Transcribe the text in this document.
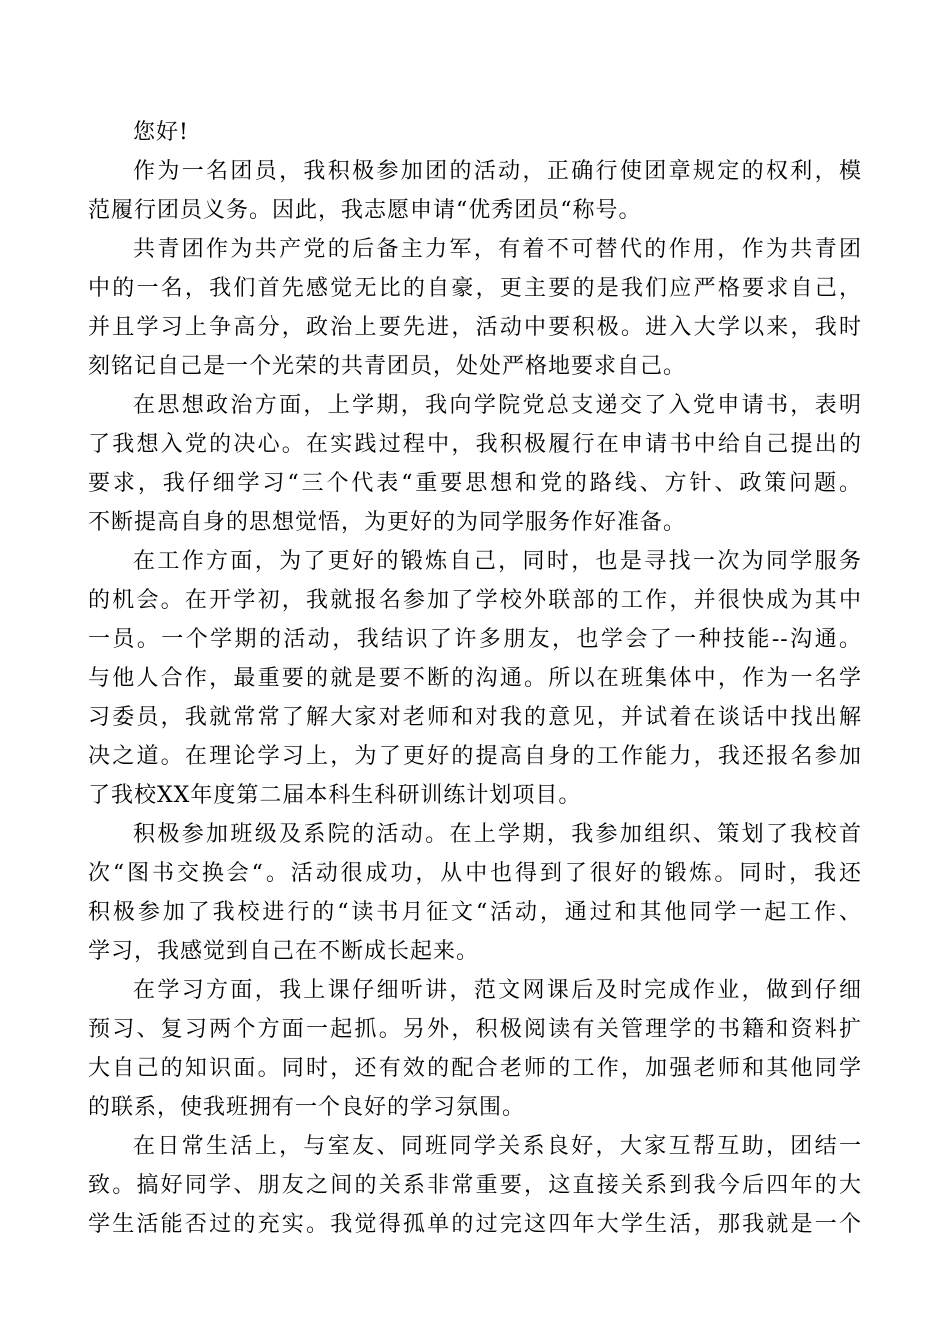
您好!

作为一名团员，我积极参加团的活动，正确行使团章规定的权利，模
范履行团员义务。因此，我志愿申请“优秀团员“称号。

共青团作为共产党的后备主力军，有着不可替代的作用，作为共青团
中的一名，我们首先感觉无比的自豪，更主要的是我们应严格要求自己，
并且学习上争高分，政治上要先进，活动中要积极。进入大学以来，我时
刻铭记自己是一个光荣的共青团员，处处严格地要求自己。

在思想政治方面，上学期，我向学院党总支递交了入党申请书，表明
了我想入党的决心。在实践过程中，我积极履行在申请书中给自己提出的
要求，我仔细学习“三个代表“重要思想和党的路线、方针、政策问题。
不断提高自身的思想觉悟，为更好的为同学服务作好准备。

在工作方面，为了更好的锻炼自己，同时，也是寻找一次为同学服务
的机会。在开学初，我就报名参加了学校外联部的工作，并很快成为其中
一员。一个学期的活动，我结识了许多朋友，也学会了一种技能--沟通。
与他人合作，最重要的就是要不断的沟通。所以在班集体中，作为一名学
习委员，我就常常了解大家对老师和对我的意见，并试着在谈话中找出解
决之道。在理论学习上，为了更好的提高自身的工作能力，我还报名参加
了我校XX年度第二届本科生科研训练计划项目。

积极参加班级及系院的活动。在上学期，我参加组织、策划了我校首
次“图书交换会“。活动很成功，从中也得到了很好的锻炼。同时，我还
积极参加了我校进行的“读书月征文“活动，通过和其他同学一起工作、
学习，我感觉到自己在不断成长起来。

在学习方面，我上课仔细听讲，范文网课后及时完成作业，做到仔细
预习、复习两个方面一起抓。另外，积极阅读有关管理学的书籍和资料扩
大自己的知识面。同时，还有效的配合老师的工作，加强老师和其他同学
的联系，使我班拥有一个良好的学习氛围。

在日常生活上，与室友、同班同学关系良好，大家互帮互助，团结一
致。搞好同学、朋友之间的关系非常重要，这直接关系到我今后四年的大
学生活能否过的充实。我觉得孤单的过完这四年大学生活，那我就是一个
